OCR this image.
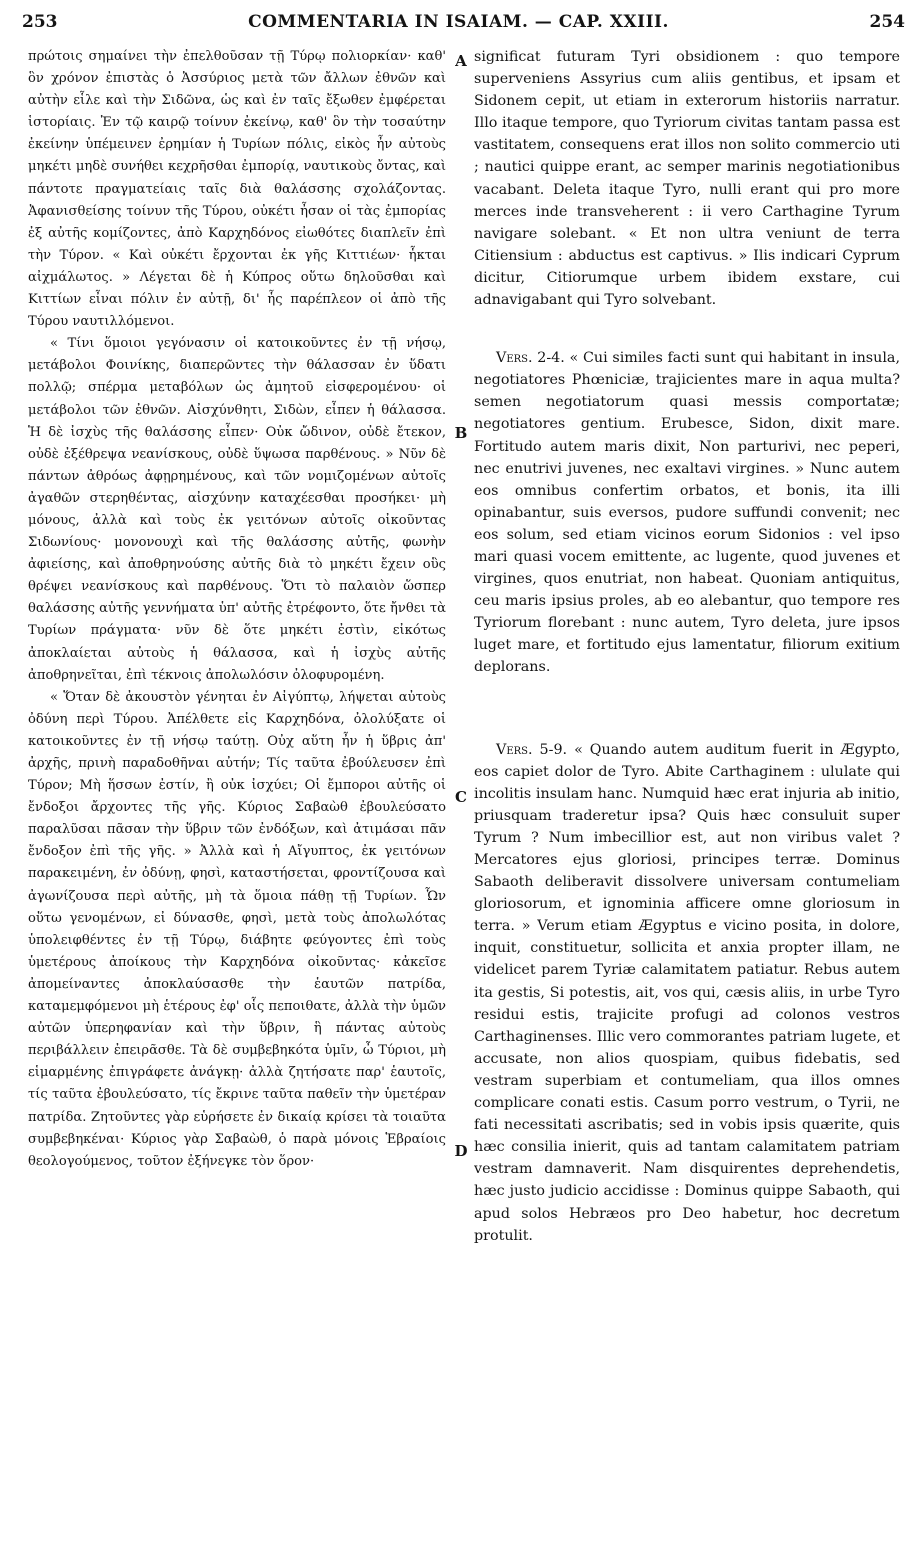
253	COMMENTARIA IN ISAIAM. — CAP. XXIII.	254

πρώτοις σημαίνει τὴν ἐπελθοῦσαν τῇ Τύρῳ πολιορκίαν· καθ' ὃν χρόνον ἐπιστὰς ὁ Ἀσσύριος μετὰ τῶν ἄλλων ἐθνῶν καὶ αὐτὴν εἷλε καὶ τὴν Σιδῶνα, ὡς καὶ ἐν ταῖς ἔξωθεν ἐμφέρεται ἱστορίαις. Ἐν τῷ καιρῷ τοίνυν ἐκείνῳ, καθ' ὃν τὴν τοσαύτην ἐκείνην ὑπέμεινεν ἐρημίαν ἡ Τυρίων πόλις, εἰκὸς ἦν αὐτοὺς μηκέτι μηδὲ συνήθει κεχρῆσθαι ἐμπορίᾳ, ναυτικοὺς ὄντας, καὶ πάντοτε πραγματείαις ταῖς διὰ θαλάσσης σχολάζοντας. Ἀφανισθείσης τοίνυν τῆς Τύρου, οὐκέτι ἦσαν οἱ τὰς ἐμπορίας ἐξ αὐτῆς κομίζοντες, ἀπὸ Καρχηδόνος εἰωθότες διαπλεῖν ἐπὶ τὴν Τύρον. « Καὶ οὐκέτι ἔρχονται ἐκ γῆς Κιττιέων· ἧκται αἰχμάλωτος. » Λέγεται δὲ ἡ Κύπρος οὕτω δηλοῦσθαι καὶ Κιττίων εἶναι πόλιν ἐν αὐτῇ, δι' ἧς παρέπλεον οἱ ἀπὸ τῆς Τύρου ναυτιλλόμενοι.

« Τίνι ὅμοιοι γεγόνασιν οἱ κατοικοῦντες ἐν τῇ νήσῳ, μετάβολοι Φοινίκης, διαπερῶντες τὴν θάλασσαν ἐν ὕδατι πολλῷ; σπέρμα μεταβόλων ὡς ἀμητοῦ εἰσφερομένου· οἱ μετάβολοι τῶν ἐθνῶν. Αἰσχύνθητι, Σιδὼν, εἶπεν ἡ θάλασσα. Ἡ δὲ ἰσχὺς τῆς θαλάσσης εἶπεν· Οὐκ ὤδινον, οὐδὲ ἔτεκον, οὐδὲ ἐξέθρεψα νεανίσκους, οὐδὲ ὕψωσα παρθένους. » Νῦν δὲ πάντων ἀθρόως ἀφῃρημένους, καὶ τῶν νομιζομένων αὐτοῖς ἀγαθῶν στερηθέντας, αἰσχύνην καταχέεσθαι προσήκει· μὴ μόνους, ἀλλὰ καὶ τοὺς ἐκ γειτόνων αὐτοῖς οἰκοῦντας Σιδωνίους· μονονουχὶ καὶ τῆς θαλάσσης αὐτῆς, φωνὴν ἀφιείσης, καὶ ἀποθρηνούσης αὐτῆς διὰ τὸ μηκέτι ἔχειν οὓς θρέψει νεανίσκους καὶ παρθένους. Ὅτι τὸ παλαιὸν ὥσπερ θαλάσσης αὐτῆς γεννήματα ὑπ' αὐτῆς ἐτρέφοντο, ὅτε ἤνθει τὰ Τυρίων πράγματα· νῦν δὲ ὅτε μηκέτι ἐστὶν, εἰκότως ἀποκλαίεται αὐτοὺς ἡ θάλασσα, καὶ ἡ ἰσχὺς αὐτῆς ἀποθρηνεῖται, ἐπὶ τέκνοις ἀπολωλόσιν ὀλοφυρομένη.

« Ὅταν δὲ ἀκουστὸν γένηται ἐν Αἰγύπτῳ, λήψεται αὐτοὺς ὀδύνη περὶ Τύρου. Ἀπέλθετε εἰς Καρχηδόνα, ὀλολύξατε οἱ κατοικοῦντες ἐν τῇ νήσῳ ταύτῃ. Οὐχ αὕτη ἦν ἡ ὕβρις ἀπ' ἀρχῆς, πρινὴ παραδοθῆναι αὐτήν; Τίς ταῦτα ἐβούλευσεν ἐπὶ Τύρον; Μὴ ἥσσων ἐστίν, ἢ οὐκ ἰσχύει; Οἱ ἔμποροι αὐτῆς οἱ ἔνδοξοι ἄρχοντες τῆς γῆς. Κύριος Σαβαὼθ ἐβουλεύσατο παραλῦσαι πᾶσαν τὴν ὕβριν τῶν ἐνδόξων, καὶ ἀτιμάσαι πᾶν ἔνδοξον ἐπὶ τῆς γῆς. » Ἀλλὰ καὶ ἡ Αἴγυπτος, ἐκ γειτόνων παρακειμένη, ἐν ὀδύνῃ, φησὶ, καταστήσεται, φροντίζουσα καὶ ἀγωνίζουσα περὶ αὐτῆς, μὴ τὰ ὅμοια πάθῃ τῇ Τυρίων. Ὧν οὕτω γενομένων, εἰ δύνασθε, φησὶ, μετὰ τοὺς ἀπολωλότας ὑπολειφθέντες ἐν τῇ Τύρῳ, διάβητε φεύγοντες ἐπὶ τοὺς ὑμετέρους ἀποίκους τὴν Καρχηδόνα οἰκοῦντας· κἀκεῖσε ἀπομείναντες ἀποκλαύσασθε τὴν ἑαυτῶν πατρίδα, καταμεμφόμενοι μὴ ἑτέρους ἐφ' οἷς πεποιθατε, ἀλλὰ τὴν ὑμῶν αὐτῶν ὑπερηφανίαν καὶ τὴν ὕβριν, ἣ πάντας αὐτοὺς περιβάλλειν ἐπειρᾶσθε. Τὰ δὲ συμβεβηκότα ὑμῖν, ὦ Τύριοι, μὴ εἱμαρμένης ἐπιγράφετε ἀνάγκῃ· ἀλλὰ ζητήσατε παρ' ἑαυτοῖς, τίς ταῦτα ἐβουλεύσατο, τίς ἔκρινε ταῦτα παθεῖν τὴν ὑμετέραν πατρίδα. Ζητοῦντες γὰρ εὑρήσετε ἐν δικαίᾳ κρίσει τὰ τοιαῦτα συμβεβηκέναι· Κύριος γὰρ Σαβαὼθ, ὁ παρὰ μόνοις Ἑβραίοις θεολογούμενος, τοῦτον ἐξήνεγκε τὸν ὅρον·

A
B
C
D

significat futuram Tyri obsidionem : quo tempore superveniens Assyrius cum aliis gentibus, et ipsam et Sidonem cepit, ut etiam in exterorum historiis narratur. Illo itaque tempore, quo Tyriorum civitas tantam passa est vastitatem, consequens erat illos non solito commercio uti ; nautici quippe erant, ac semper marinis negotiationibus vacabant. Deleta itaque Tyro, nulli erant qui pro more merces inde transveherent : ii vero Carthagine Tyrum navigare solebant. « Et non ultra veniunt de terra Citiensium : abductus est captivus. » Ilis indicari Cyprum dicitur, Citiorumque urbem ibidem exstare, cui adnavigabant qui Tyro solvebant.

Vers. 2-4. « Cui similes facti sunt qui habitant in insula, negotiatores Phœniciæ, trajicientes mare in aqua multa? semen negotiatorum quasi messis comportatæ; negotiatores gentium. Erubesce, Sidon, dixit mare. Fortitudo autem maris dixit, Non parturivi, nec peperi, nec enutrivi juvenes, nec exaltavi virgines. » Nunc autem eos omnibus confertim orbatos, et bonis, ita illi opinabantur, suis eversos, pudore suffundi convenit; nec eos solum, sed etiam vicinos eorum Sidonios : vel ipso mari quasi vocem emittente, ac lugente, quod juvenes et virgines, quos enutriat, non habeat. Quoniam antiquitus, ceu maris ipsius proles, ab eo alebantur, quo tempore res Tyriorum florebant : nunc autem, Tyro deleta, jure ipsos luget mare, et fortitudo ejus lamentatur, filiorum exitium deplorans.

Vers. 5-9. « Quando autem auditum fuerit in Ægypto, eos capiet dolor de Tyro. Abite Carthaginem : ululate qui incolitis insulam hanc. Numquid hæc erat injuria ab initio, priusquam traderetur ipsa? Quis hæc consuluit super Tyrum ? Num imbecillior est, aut non viribus valet ? Mercatores ejus gloriosi, principes terræ. Dominus Sabaoth deliberavit dissolvere universam contumeliam gloriosorum, et ignominia afficere omne gloriosum in terra. » Verum etiam Ægyptus e vicino posita, in dolore, inquit, constituetur, sollicita et anxia propter illam, ne videlicet parem Tyriæ calamitatem patiatur. Rebus autem ita gestis, Si potestis, ait, vos qui, cæsis aliis, in urbe Tyro residui estis, trajicite profugi ad colonos vestros Carthaginenses. Illic vero commorantes patriam lugete, et accusate, non alios quospiam, quibus fidebatis, sed vestram superbiam et contumeliam, qua illos omnes complicare conati estis. Casum porro vestrum, o Tyrii, ne fati necessitati ascribatis; sed in vobis ipsis quærite, quis hæc consilia inierit, quis ad tantam calamitatem patriam vestram damnaverit. Nam disquirentes deprehendetis, hæc justo judicio accidisse : Dominus quippe Sabaoth, qui apud solos Hebræos pro Deo habetur, hoc decretum protulit.
